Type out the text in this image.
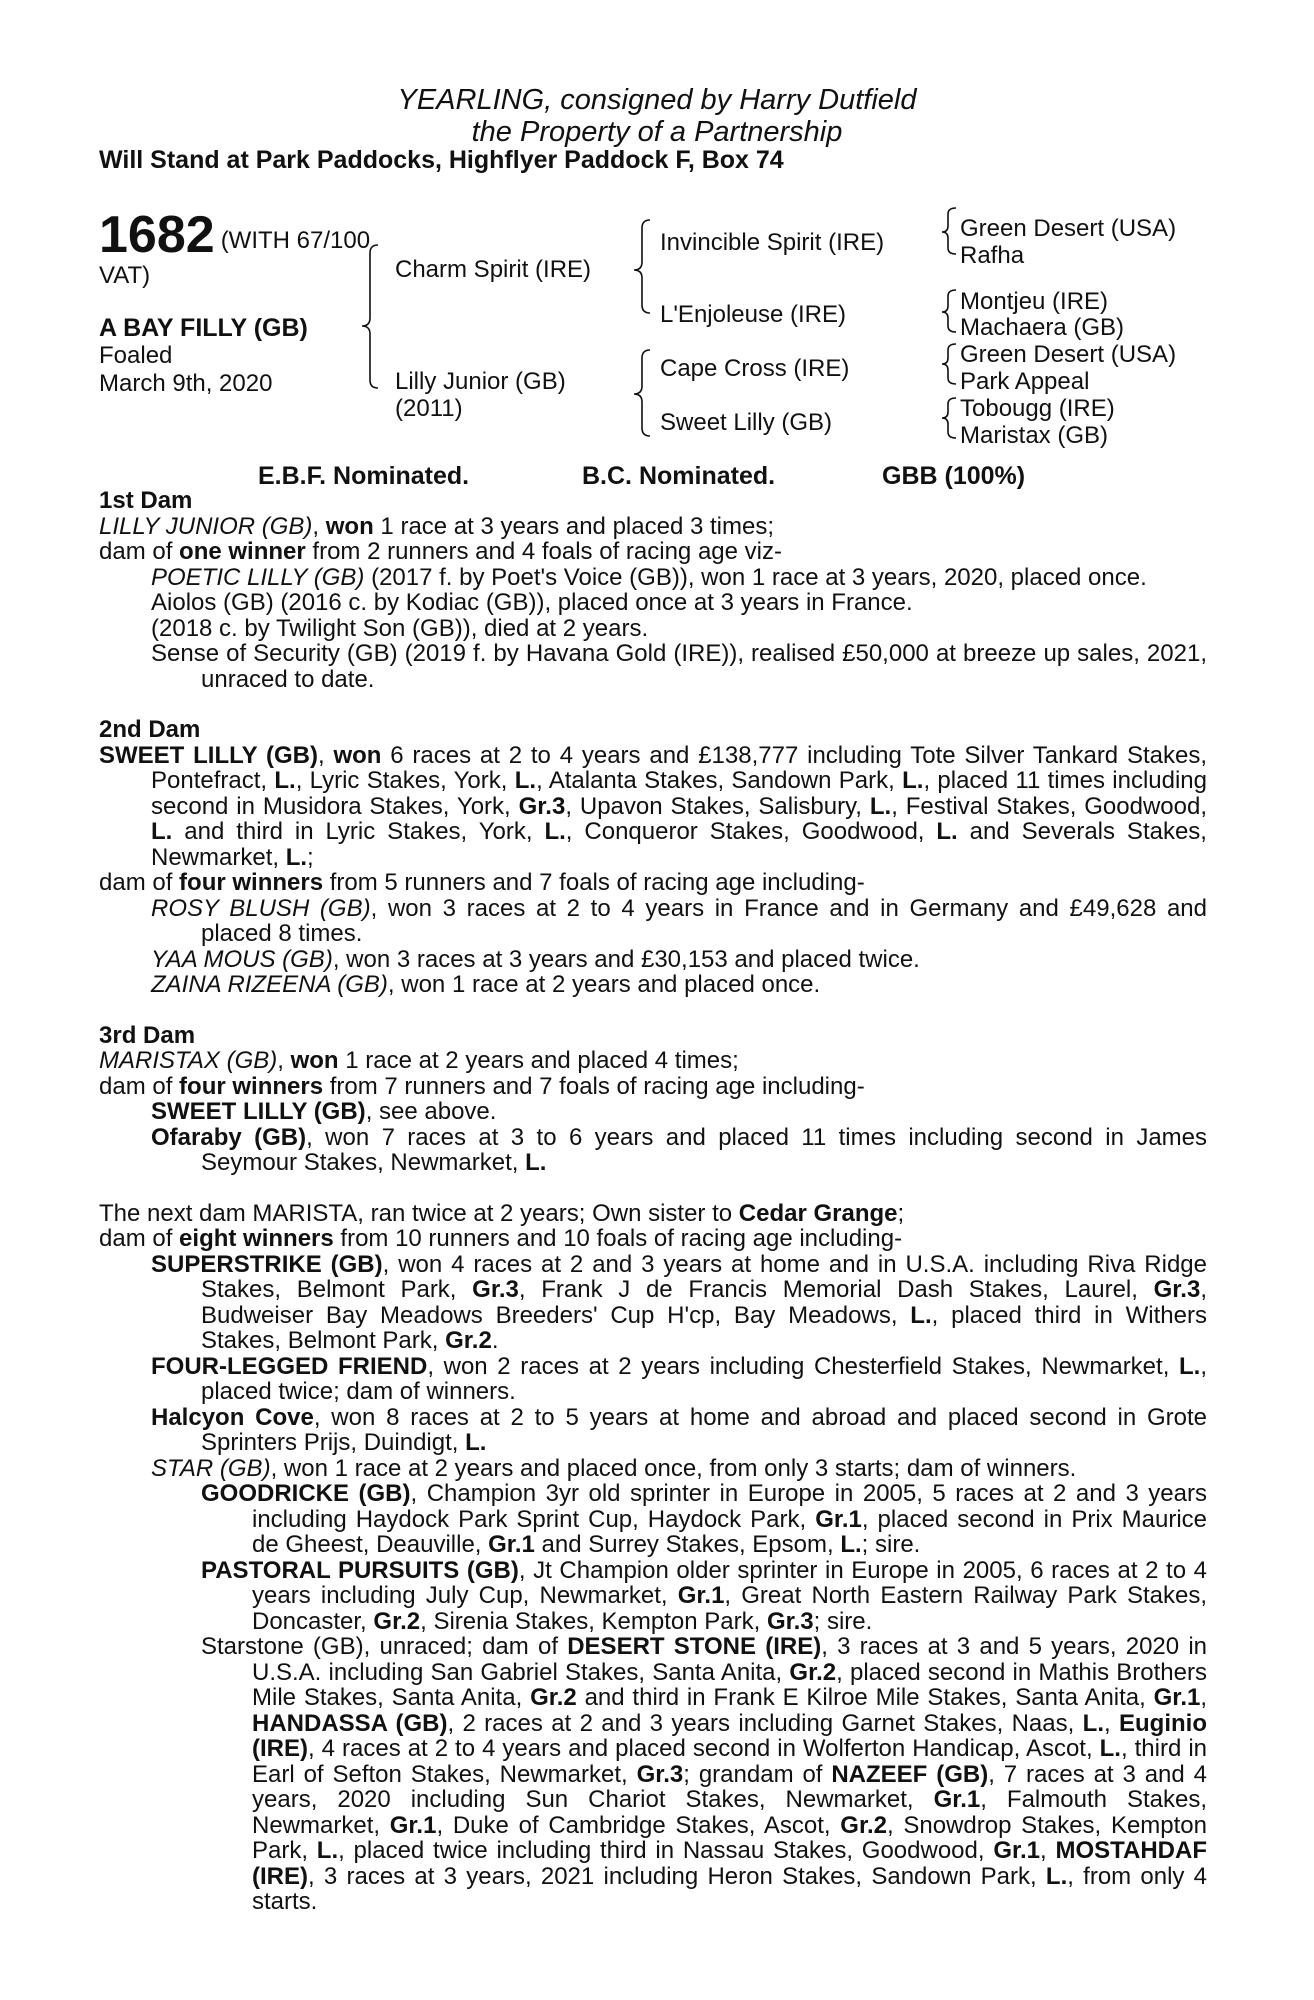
YEARLING, consigned by Harry Dutfield
the Property of a Partnership
Will Stand at Park Paddocks, Highflyer Paddock F, Box 74
1682 (WITH 67/100
VAT)
A BAY FILLY (GB)
Foaled
March 9th, 2020
Charm Spirit (IRE)
Lilly Junior (GB)
(2011)
Invincible Spirit (IRE)
L'Enjoleuse (IRE)
Cape Cross (IRE)
Sweet Lilly (GB)
Green Desert (USA)
Rafha
Montjeu (IRE)
Machaera (GB)
Green Desert (USA)
Park Appeal
Tobougg (IRE)
Maristax (GB)
E.B.F. Nominated.	B.C. Nominated.	GBB (100%)

1st Dam

LILLY JUNIOR (GB), won 1 race at 3 years and placed 3 times;

dam of one winner from 2 runners and 4 foals of racing age viz-

POETIC LILLY (GB) (2017 f. by Poet's Voice (GB)), won 1 race at 3 years, 2020, placed once.

Aiolos (GB) (2016 c. by Kodiac (GB)), placed once at 3 years in France.

(2018 c. by Twilight Son (GB)), died at 2 years.

Sense of Security (GB) (2019 f. by Havana Gold (IRE)), realised £50,000 at breeze up sales, 2021, unraced to date.

2nd Dam

SWEET LILLY (GB), won 6 races at 2 to 4 years and £138,777 including Tote Silver Tankard Stakes, Pontefract, L., Lyric Stakes, York, L., Atalanta Stakes, Sandown Park, L., placed 11 times including second in Musidora Stakes, York, Gr.3, Upavon Stakes, Salisbury, L., Festival Stakes, Goodwood, L. and third in Lyric Stakes, York, L., Conqueror Stakes, Goodwood, L. and Severals Stakes, Newmarket, L.;

dam of four winners from 5 runners and 7 foals of racing age including-

ROSY BLUSH (GB), won 3 races at 2 to 4 years in France and in Germany and £49,628 and placed 8 times.

YAA MOUS (GB), won 3 races at 3 years and £30,153 and placed twice.

ZAINA RIZEENA (GB), won 1 race at 2 years and placed once.

3rd Dam

MARISTAX (GB), won 1 race at 2 years and placed 4 times;

dam of four winners from 7 runners and 7 foals of racing age including-

SWEET LILLY (GB), see above.

Ofaraby (GB), won 7 races at 3 to 6 years and placed 11 times including second in James Seymour Stakes, Newmarket, L.

The next dam MARISTA, ran twice at 2 years; Own sister to Cedar Grange;

dam of eight winners from 10 runners and 10 foals of racing age including-

SUPERSTRIKE (GB), won 4 races at 2 and 3 years at home and in U.S.A. including Riva Ridge Stakes, Belmont Park, Gr.3, Frank J de Francis Memorial Dash Stakes, Laurel, Gr.3, Budweiser Bay Meadows Breeders' Cup H'cp, Bay Meadows, L., placed third in Withers Stakes, Belmont Park, Gr.2.

FOUR-LEGGED FRIEND, won 2 races at 2 years including Chesterfield Stakes, Newmarket, L., placed twice; dam of winners.

Halcyon Cove, won 8 races at 2 to 5 years at home and abroad and placed second in Grote Sprinters Prijs, Duindigt, L.

STAR (GB), won 1 race at 2 years and placed once, from only 3 starts; dam of winners.

GOODRICKE (GB), Champion 3yr old sprinter in Europe in 2005, 5 races at 2 and 3 years including Haydock Park Sprint Cup, Haydock Park, Gr.1, placed second in Prix Maurice de Gheest, Deauville, Gr.1 and Surrey Stakes, Epsom, L.; sire.

PASTORAL PURSUITS (GB), Jt Champion older sprinter in Europe in 2005, 6 races at 2 to 4 years including July Cup, Newmarket, Gr.1, Great North Eastern Railway Park Stakes, Doncaster, Gr.2, Sirenia Stakes, Kempton Park, Gr.3; sire.

Starstone (GB), unraced; dam of DESERT STONE (IRE), 3 races at 3 and 5 years, 2020 in U.S.A. including San Gabriel Stakes, Santa Anita, Gr.2, placed second in Mathis Brothers Mile Stakes, Santa Anita, Gr.2 and third in Frank E Kilroe Mile Stakes, Santa Anita, Gr.1, HANDASSA (GB), 2 races at 2 and 3 years including Garnet Stakes, Naas, L., Euginio (IRE), 4 races at 2 to 4 years and placed second in Wolferton Handicap, Ascot, L., third in Earl of Sefton Stakes, Newmarket, Gr.3; grandam of NAZEEF (GB), 7 races at 3 and 4 years, 2020 including Sun Chariot Stakes, Newmarket, Gr.1, Falmouth Stakes, Newmarket, Gr.1, Duke of Cambridge Stakes, Ascot, Gr.2, Snowdrop Stakes, Kempton Park, L., placed twice including third in Nassau Stakes, Goodwood, Gr.1, MOSTAHDAF (IRE), 3 races at 3 years, 2021 including Heron Stakes, Sandown Park, L., from only 4 starts.
